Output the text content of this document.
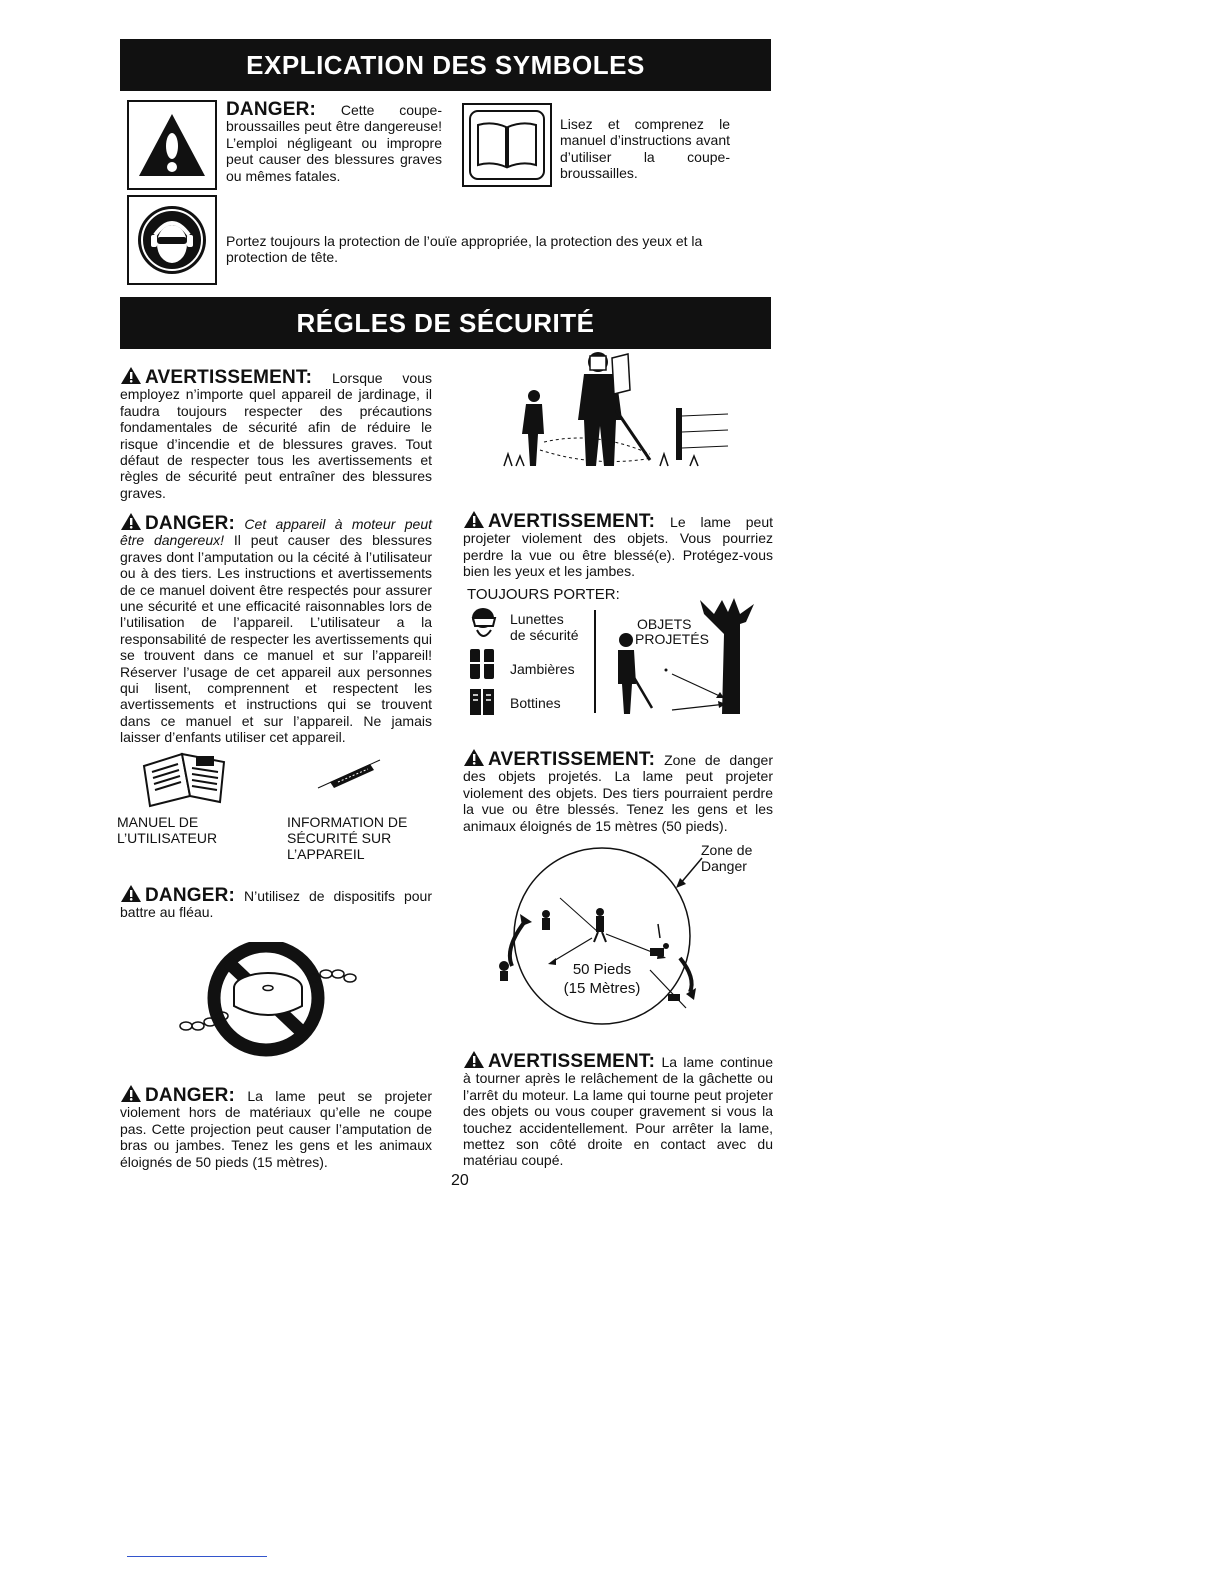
EXPLICATION DES SYMBOLES
DANGER: Cette coupe-broussailles peut être dangereuse! L’emploi négligeant ou impropre peut causer des blessures graves ou mêmes fatales.
Lisez et comprenez le manuel d’instructions avant d’utiliser la coupe-broussailles.
Portez toujours la protection de l’ouïe appropriée, la protection des yeux et la protection de tête.
RÉGLES DE SÉCURITÉ
AVERTISSEMENT: Lorsque vous employez n’importe quel appareil de jardinage, il faudra toujours respecter des précautions fondamentales de sécurité afin de réduire le risque d’incendie et de blessures graves. Tout défaut de respecter tous les avertissements et règles de sécurité peut entraîner des blessures graves.
DANGER: Cet appareil à moteur peut être dangereux! Il peut causer des blessures graves dont l’amputation ou la cécité à l’utilisateur ou à des tiers. Les instructions et avertissements de ce manuel doivent être respectés pour assurer une sécurité et une efficacité raisonnables lors de l’utilisation de l’appareil. L’utilisateur a la responsabilité de respecter les avertissements qui se trouvent dans ce manuel et sur l’appareil! Réserver l’usage de cet appareil aux personnes qui lisent, comprennent et respectent les avertissements et instructions qui se trouvent dans ce manuel et sur l’appareil. Ne jamais laisser d’enfants utiliser cet appareil.
MANUEL DE
L’UTILISATEUR
INFORMATION DE
SÉCURITÉ SUR
L’APPAREIL
DANGER: N’utilisez de dispositifs pour battre au fléau.
DANGER: La lame peut se projeter violement hors de matériaux qu’elle ne coupe pas. Cette projection peut causer l’amputation de bras ou jambes. Tenez les gens et les animaux éloignés de 50 pieds (15 mètres).
AVERTISSEMENT: Le lame peut projeter violement des objets. Vous pourriez perdre la vue ou être blessé(e). Protégez-vous bien les yeux et les jambes.
TOUJOURS PORTER:
Lunettes
de sécurité
Jambières
Bottines
OBJETS
PROJETÉS
AVERTISSEMENT: Zone de danger des objets projetés. La lame peut projeter violement des objets. Des tiers pourraient perdre la vue ou être blessés. Tenez les gens et les animaux éloignés de 15 mètres (50 pieds).
Zone de
Danger
50 Pieds
(15 Mètres)
AVERTISSEMENT: La lame continue à tourner après le relâchement de la gâchette ou l’arrêt du moteur. La lame qui tourne peut projeter des objets ou vous couper gravement si vous la touchez accidentellement. Pour arrêter la lame, mettez son côté droite en contact avec du matériau coupé.
20
